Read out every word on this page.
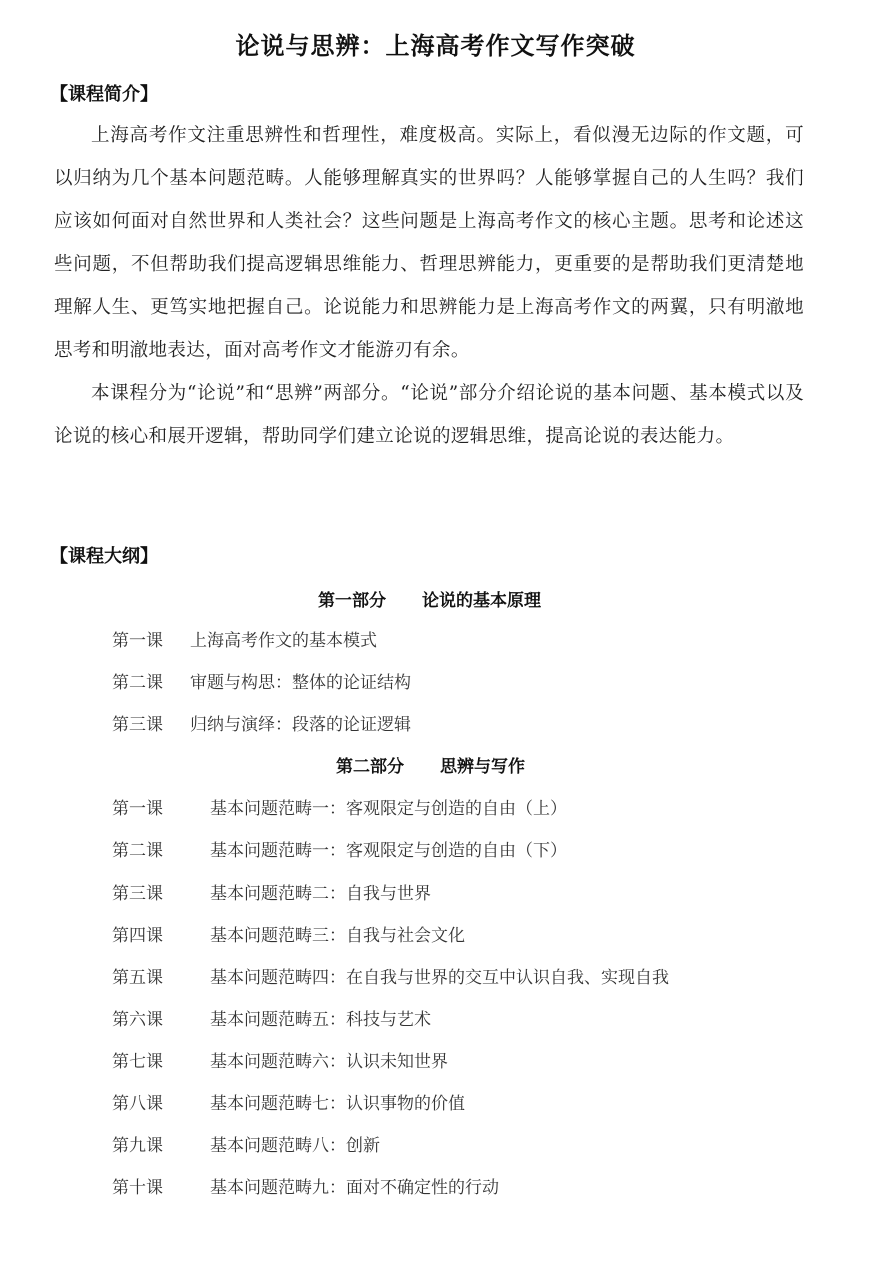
论说与思辨：上海高考作文写作突破
【课程简介】

上海高考作文注重思辨性和哲理性，难度极高。实际上，看似漫无边际的作文题，可以归纳为几个基本问题范畴。人能够理解真实的世界吗？人能够掌握自己的人生吗？我们应该如何面对自然世界和人类社会？这些问题是上海高考作文的核心主题。思考和论述这些问题，不但帮助我们提高逻辑思维能力、哲理思辨能力，更重要的是帮助我们更清楚地理解人生、更笃实地把握自己。论说能力和思辨能力是上海高考作文的两翼，只有明澈地思考和明澈地表达，面对高考作文才能游刃有余。

本课程分为“论说”和“思辨”两部分。“论说”部分介绍论说的基本问题、基本模式以及论说的核心和展开逻辑，帮助同学们建立论说的逻辑思维，提高论说的表达能力。

【课程大纲】
第一部分 论说的基本原理
第一课 上海高考作文的基本模式
第二课 审题与构思：整体的论证结构
第三课 归纳与演绎：段落的论证逻辑
第二部分 思辨与写作
第一课	基本问题范畴一：客观限定与创造的自由（上）
第二课	基本问题范畴一：客观限定与创造的自由（下）
第三课	基本问题范畴二：自我与世界
第四课	基本问题范畴三：自我与社会文化
第五课	基本问题范畴四：在自我与世界的交互中认识自我、实现自我
第六课	基本问题范畴五：科技与艺术
第七课	基本问题范畴六：认识未知世界
第八课	基本问题范畴七：认识事物的价值
第九课	基本问题范畴八：创新
第十课	基本问题范畴九：面对不确定性的行动
